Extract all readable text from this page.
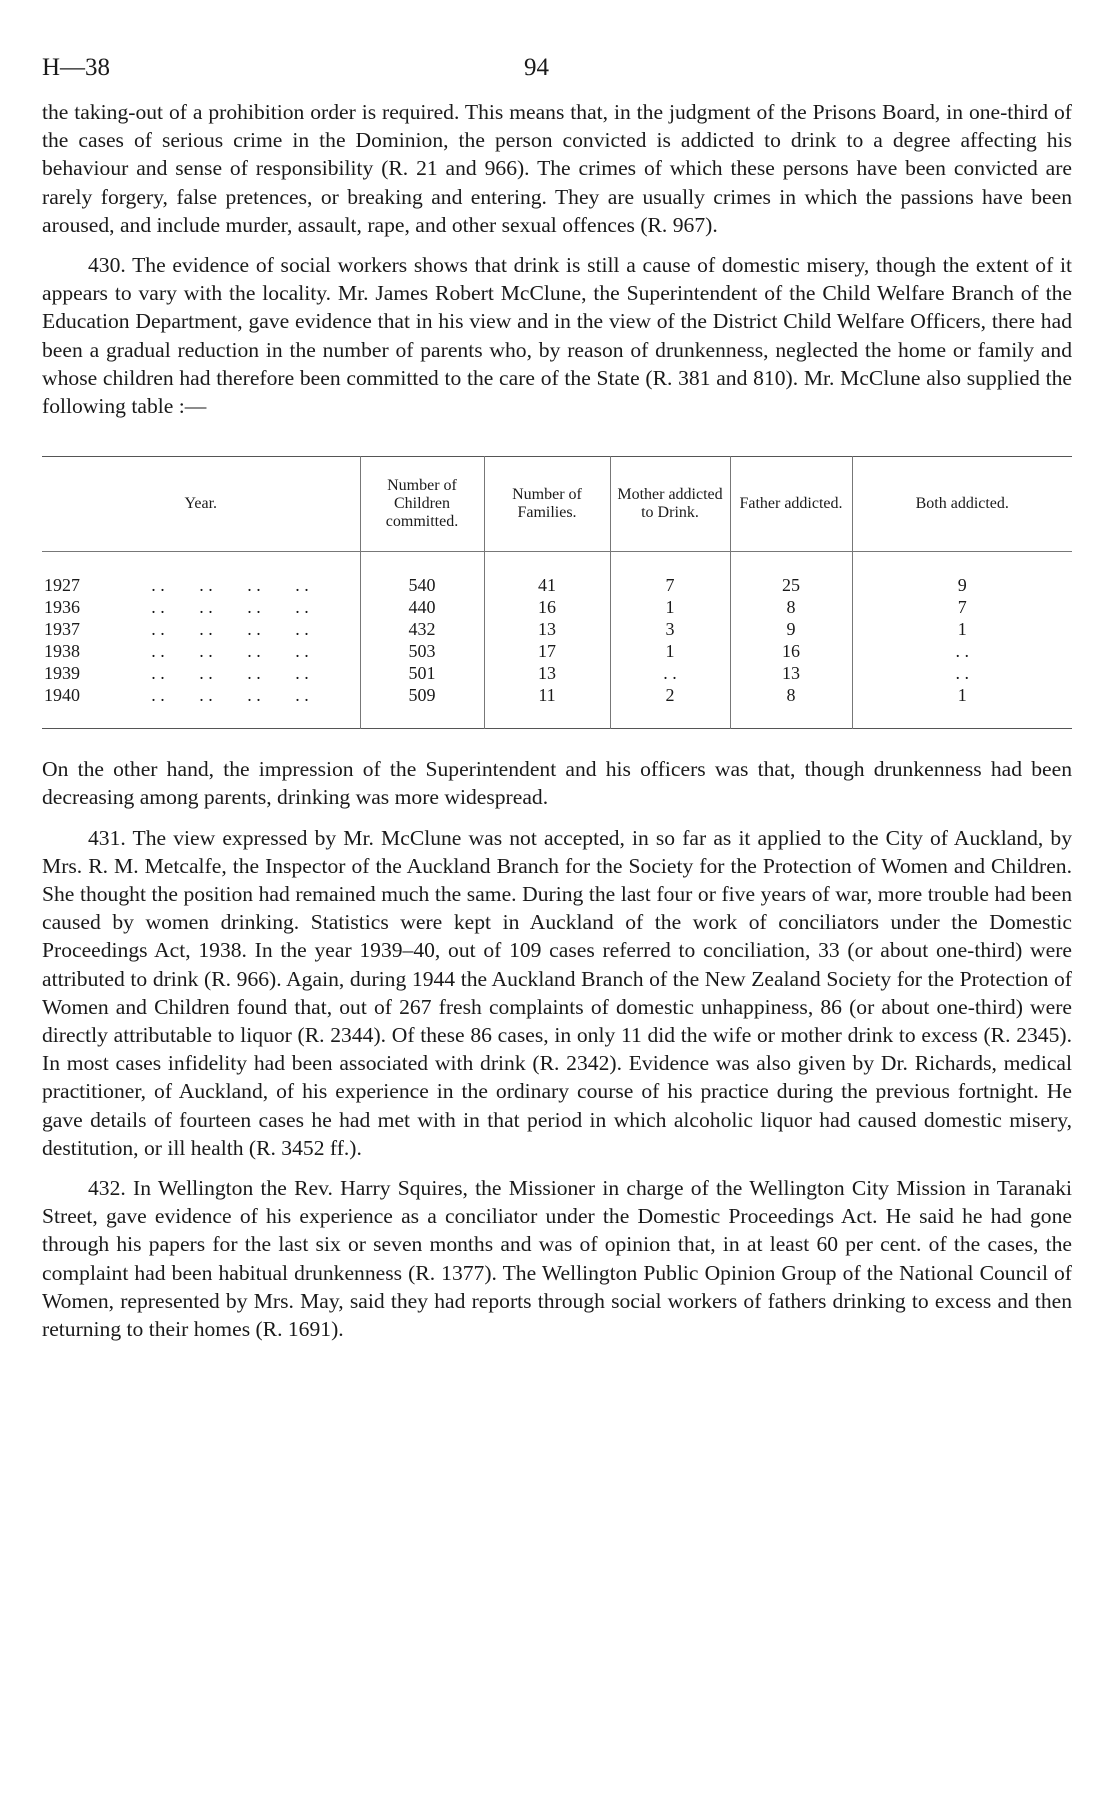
H—38	94

the taking-out of a prohibition order is required. This means that, in the judgment of the Prisons Board, in one-third of the cases of serious crime in the Dominion, the person convicted is addicted to drink to a degree affecting his behaviour and sense of responsibility (R. 21 and 966). The crimes of which these persons have been convicted are rarely forgery, false pretences, or breaking and entering. They are usually crimes in which the passions have been aroused, and include murder, assault, rape, and other sexual offences (R. 967).

430. The evidence of social workers shows that drink is still a cause of domestic misery, though the extent of it appears to vary with the locality. Mr. James Robert McClune, the Superintendent of the Child Welfare Branch of the Education Department, gave evidence that in his view and in the view of the District Child Welfare Officers, there had been a gradual reduction in the number of parents who, by reason of drunkenness, neglected the home or family and whose children had therefore been committed to the care of the State (R. 381 and 810). Mr. McClune also supplied the following table :—

Year.	Number of Children committed.	Number of Families.	Mother addicted to Drink.	Father addicted.	Both addicted.
1927 . . . . . . . .	540	41	7	25	9
1936 . . . . . . . .	440	16	1	8	7
1937 . . . . . . . .	432	13	3	9	1
1938 . . . . . . . .	503	17	1	16	. .
1939 . . . . . . . .	501	13	. .	13	. .
1940 . . . . . . . .	509	11	2	8	1

On the other hand, the impression of the Superintendent and his officers was that, though drunkenness had been decreasing among parents, drinking was more widespread.

431. The view expressed by Mr. McClune was not accepted, in so far as it applied to the City of Auckland, by Mrs. R. M. Metcalfe, the Inspector of the Auckland Branch for the Society for the Protection of Women and Children. She thought the position had remained much the same. During the last four or five years of war, more trouble had been caused by women drinking. Statistics were kept in Auckland of the work of conciliators under the Domestic Proceedings Act, 1938. In the year 1939–40, out of 109 cases referred to conciliation, 33 (or about one-third) were attributed to drink (R. 966). Again, during 1944 the Auckland Branch of the New Zealand Society for the Protection of Women and Children found that, out of 267 fresh complaints of domestic unhappiness, 86 (or about one-third) were directly attributable to liquor (R. 2344). Of these 86 cases, in only 11 did the wife or mother drink to excess (R. 2345). In most cases infidelity had been associated with drink (R. 2342). Evidence was also given by Dr. Richards, medical practitioner, of Auckland, of his experience in the ordinary course of his practice during the previous fortnight. He gave details of fourteen cases he had met with in that period in which alcoholic liquor had caused domestic misery, destitution, or ill health (R. 3452 ff.).

432. In Wellington the Rev. Harry Squires, the Missioner in charge of the Wellington City Mission in Taranaki Street, gave evidence of his experience as a conciliator under the Domestic Proceedings Act. He said he had gone through his papers for the last six or seven months and was of opinion that, in at least 60 per cent. of the cases, the complaint had been habitual drunkenness (R. 1377). The Wellington Public Opinion Group of the National Council of Women, represented by Mrs. May, said they had reports through social workers of fathers drinking to excess and then returning to their homes (R. 1691).
